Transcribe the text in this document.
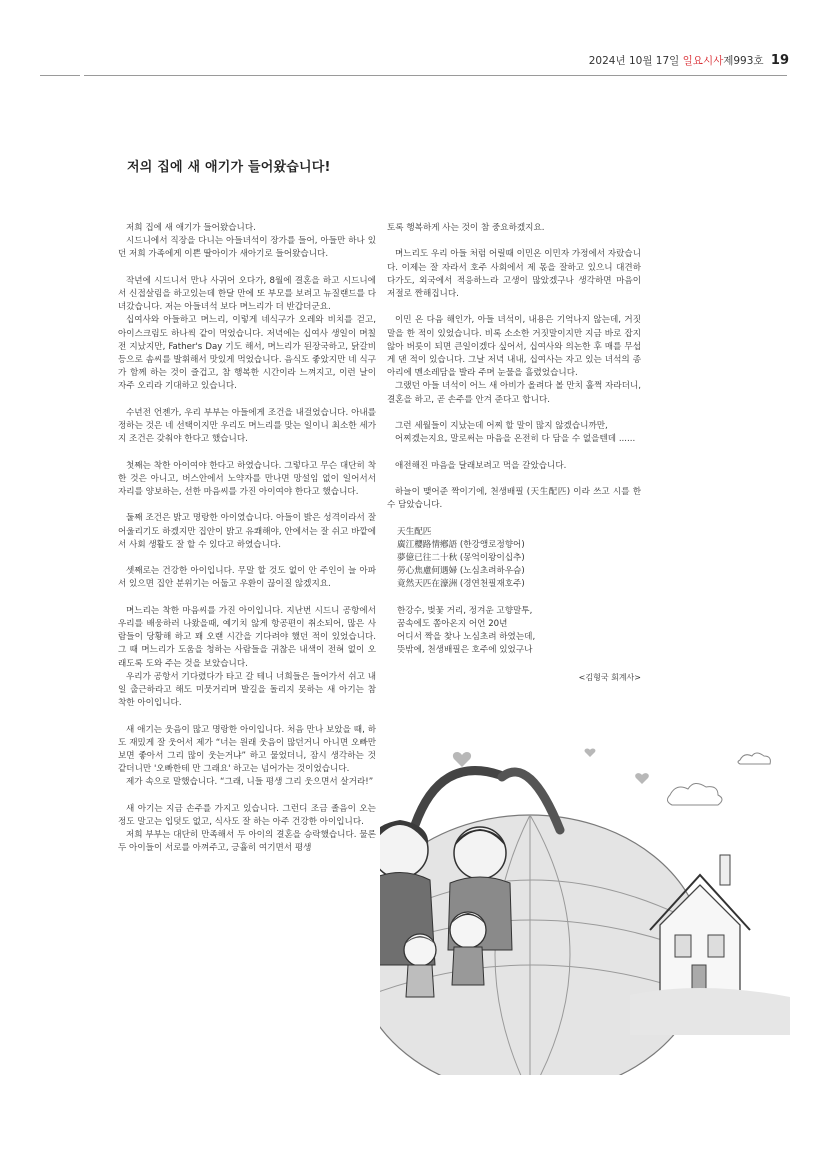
2024년 10월 17일 일요시사제993호 19
저의 집에 새 애기가 들어왔습니다!

저희 집에 새 애기가 들어왔습니다.

시드니에서 직장을 다니는 아들녀석이 장가를 들어, 아들만 하나 있던 저희 가족에게 이쁜 딸아이가 새아기로 들어왔습니다.

작년에 시드니서 만나 사귀어 오다가, 8월에 결혼을 하고 시드니에서 신접살림을 하고있는데 한달 만에 또 부모를 보려고 뉴질랜드를 다녀갔습니다. 저는 아들녀석 보다 며느리가 더 반갑더군요.

십여사와 아들하고 며느리, 이렇게 네식구가 오레와 비치를 걷고, 아이스크림도 하나씩 같이 먹었습니다. 저녁에는 십여사 생일이 며칠전 지났지만, Father's Day 기도 해서, 며느리가 된장국하고, 닭갈비 등으로 솜씨를 발휘해서 맛있게 먹었습니다. 음식도 좋았지만 네 식구가 함께 하는 것이 즐겁고, 참 행복한 시간이라 느껴지고, 이런 날이 자주 오리라 기대하고 있습니다.

수년전 언젠가, 우리 부부는 아들에게 조건을 내걸었습니다. 아내를 정하는 것은 네 선택이지만 우리도 며느리를 맞는 일이니 최소한 세가지 조건은 갖춰야 한다고 했습니다.

첫째는 착한 아이여야 한다고 하였습니다. 그렇다고 무슨 대단히 착한 것은 아니고, 버스안에서 노약자를 만나면 망설임 없이 일어서서 자리를 양보하는, 선한 마음씨를 가진 아이여야 한다고 했습니다.

둘째 조건은 밝고 명랑한 아이였습니다. 아들이 밝은 성격이라서 잘 어울리기도 하겠지만 집안이 밝고 유쾌해야, 안에서는 잘 쉬고 바깥에서 사회 생활도 잘 할 수 있다고 하였습니다.

셋째로는 건강한 아이입니다. 무말 할 것도 없이 안 주인이 늘 아파서 있으면 집안 분위기는 어둡고 우환이 끊이질 않겠지요.

며느리는 착한 마음씨를 가진 아이입니다. 지난번 시드니 공항에서 우리를 배웅하러 나왔을때, 예기치 않게 항공편이 취소되어, 많은 사람들이 당황해 하고 꽤 오랜 시간을 기다려야 했던 적이 있었습니다. 그 때 며느리가 도움을 청하는 사람들을 귀찮은 내색이 전혀 없이 오래도록 도와 주는 것을 보았습니다.

우리가 공항서 기다렸다가 타고 갈 테니 너희들은 들어가서 쉬고 내일 출근하라고 해도 미뭇거리며 발길을 돌리지 못하는 새 아기는 참 착한 아이입니다.

새 애기는 웃음이 많고 명랑한 아이입니다. 처음 만나 보았을 때, 하도 재밌게 잘 웃어서 제가 “너는 원래 웃음이 많던거니 아니면 오빠만 보면 좋아서 그리 많이 웃는거냐” 하고 물었더니, 잠시 생각하는 것 같더니만 '오빠한테 만 그래요' 하고는 넘어가는 것이었습니다.

제가 속으로 말했습니다. “그래, 니들 평생 그리 웃으면서 살거라!”

새 아기는 지금 손주를 가지고 있습니다. 그런디 조금 졸음이 오는 정도 말고는 입덧도 없고, 식사도 잘 하는 아주 건강한 아이입니다.

저희 부부는 대단히 만족해서 두 아이의 결혼을 승락했습니다. 물론 두 아이들이 서로를 아껴주고, 긍휼히 여기면서 평생

토록 행복하게 사는 것이 참 중요하겠지요.

며느리도 우리 아들 처럼 어릴때 이민온 이민자 가정에서 자랐습니다. 이제는 잘 자라서 호주 사회에서 제 몫을 잘하고 있으니 대견하다가도, 외국에서 적응하느라 고생이 많았겠구나 생각하면 마음이 저절로 짠해집니다.

이민 온 다음 해인가, 아들 녀석이, 내용은 기억나지 않는데, 거짓말을 한 적이 있었습니다. 비록 소소한 거짓말이지만 지금 바로 잡지않아 버릇이 되면 큰일이겠다 싶어서, 십여사와 의논한 후 매를 무섭게 댄 적이 있습니다. 그날 저녁 내내, 십여사는 자고 있는 녀석의 종아리에 멘소레담을 발라 주며 눈물을 흘렸었습니다.

그랬던 아들 녀석이 어느 새 아비가 올려다 볼 만치 훌쩍 자라더니, 결혼을 하고, 곧 손주를 안겨 준다고 합니다.

그런 세월들이 지났는데 어찌 할 말이 많지 않겠습니까만,

어찌겠는지요, 말로써는 마음을 온전히 다 담을 수 없을텐데 ......

애전해진 마음을 달래보려고 먹을 갈았습니다.

하늘이 맺어준 짝이기에, 천생배필 (天生配匹) 이라 쓰고 시를 한 수 담았습니다.

天生配匹
廣江櫻路情鄕語 (한강앵로정향어)
夢億已往二十秋 (몽억이왕이십추)
勞心焦慮何遇婦 (노심초려하우슴)
竟然天匹在濠洲 (경연천필재호주)
한강수, 벚꽃 거리, 정겨운 고향말투,
꿈속에도 쫌아온지 어언 20년
어디서 짝을 찾나 노심초려 하였는데,
뜻밖에, 천생배필은 호주에 있었구나
<김형국 회계사>
